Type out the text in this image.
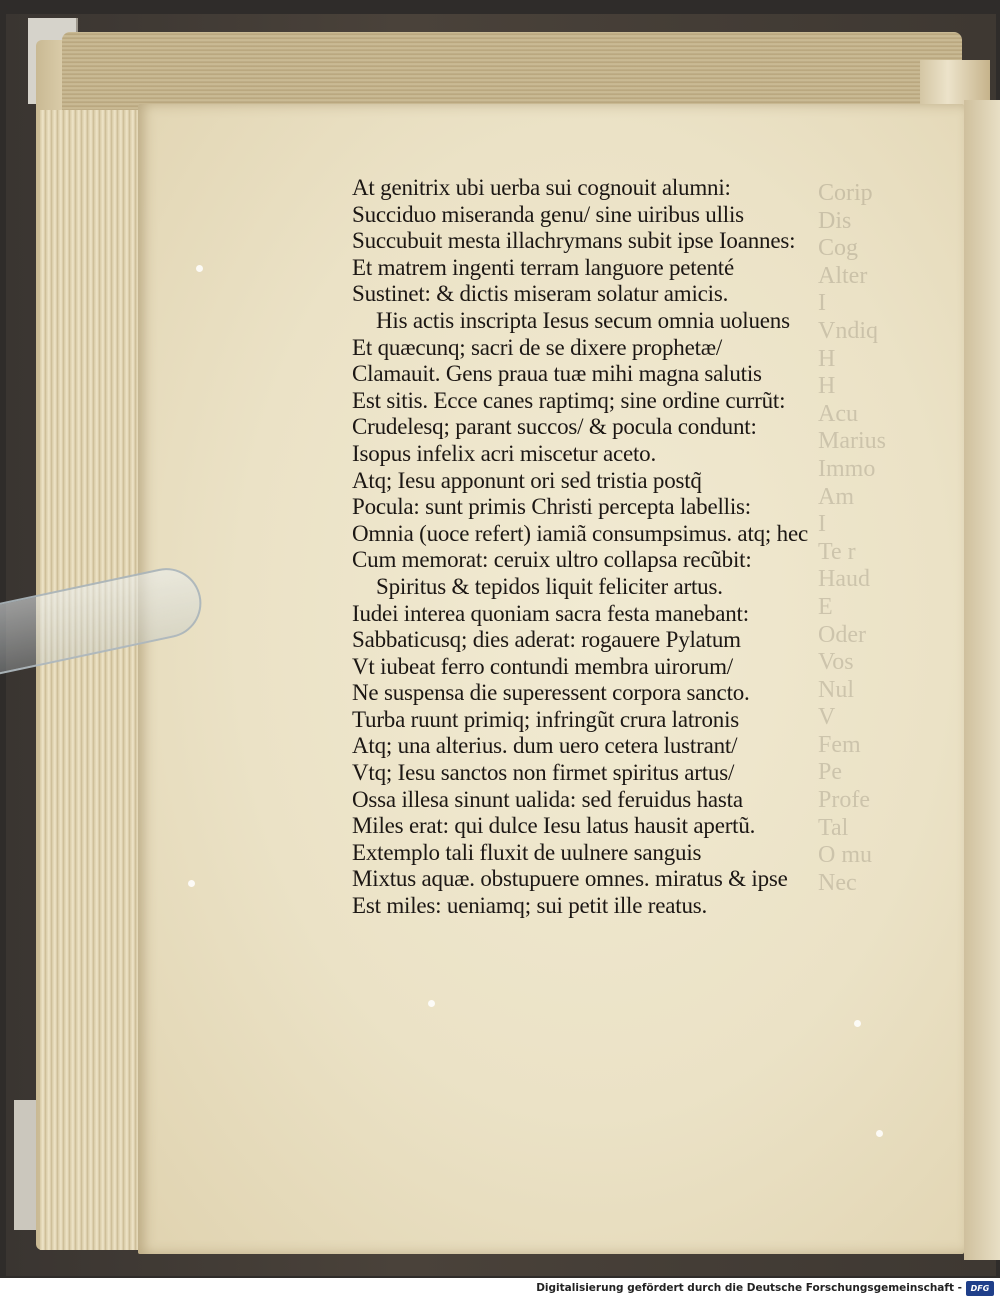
Corip
Dis
Cog
Alter
I
Vndiq
H
H
Acu
Marius
Immo
Am
I
Te r
Haud
E
Oder
Vos
Nul
V
Fem
Pe
Profe
Tal
O mu
Nec
At genitrix ubi uerba sui cognouit alumni:
Succiduo miseranda genu/ sine uiribus ullis
Succubuit mesta illachrymans subit ipse Ioannes:
Et matrem ingenti terram languore petenté
Sustinet: & dictis miseram solatur amicis.
His actis inscripta Iesus secum omnia uoluens
Et quæcunq; sacri de se dixere prophetæ/
Clamauit. Gens praua tuæ mihi magna salutis
Est sitis. Ecce canes raptimq; sine ordine currũt:
Crudelesq; parant succos/ & pocula condunt:
Isopus infelix acri miscetur aceto.
Atq; Iesu apponunt ori sed tristia postq̃
Pocula: sunt primis Christi percepta labellis:
Omnia (uoce refert) iamiã consumpsimus. atq; hec
Cum memorat: ceruix ultro collapsa recũbit:
Spiritus & tepidos liquit feliciter artus.
Iudei interea quoniam sacra festa manebant:
Sabbaticusq; dies aderat: rogauere Pylatum
Vt iubeat ferro contundi membra uirorum/
Ne suspensa die superessent corpora sancto.
Turba ruunt primiq; infringũt crura latronis
Atq; una alterius. dum uero cetera lustrant/
Vtq; Iesu sanctos non firmet spiritus artus/
Ossa illesa sinunt ualida: sed feruidus hasta
Miles erat: qui dulce Iesu latus hausit apertũ.
Extemplo tali fluxit de uulnere sanguis
Mixtus aquæ. obstupuere omnes. miratus & ipse
Est miles: ueniamq; sui petit ille reatus.
Digitalisierung gefördert durch die Deutsche Forschungsgemeinschaft -	DFG
